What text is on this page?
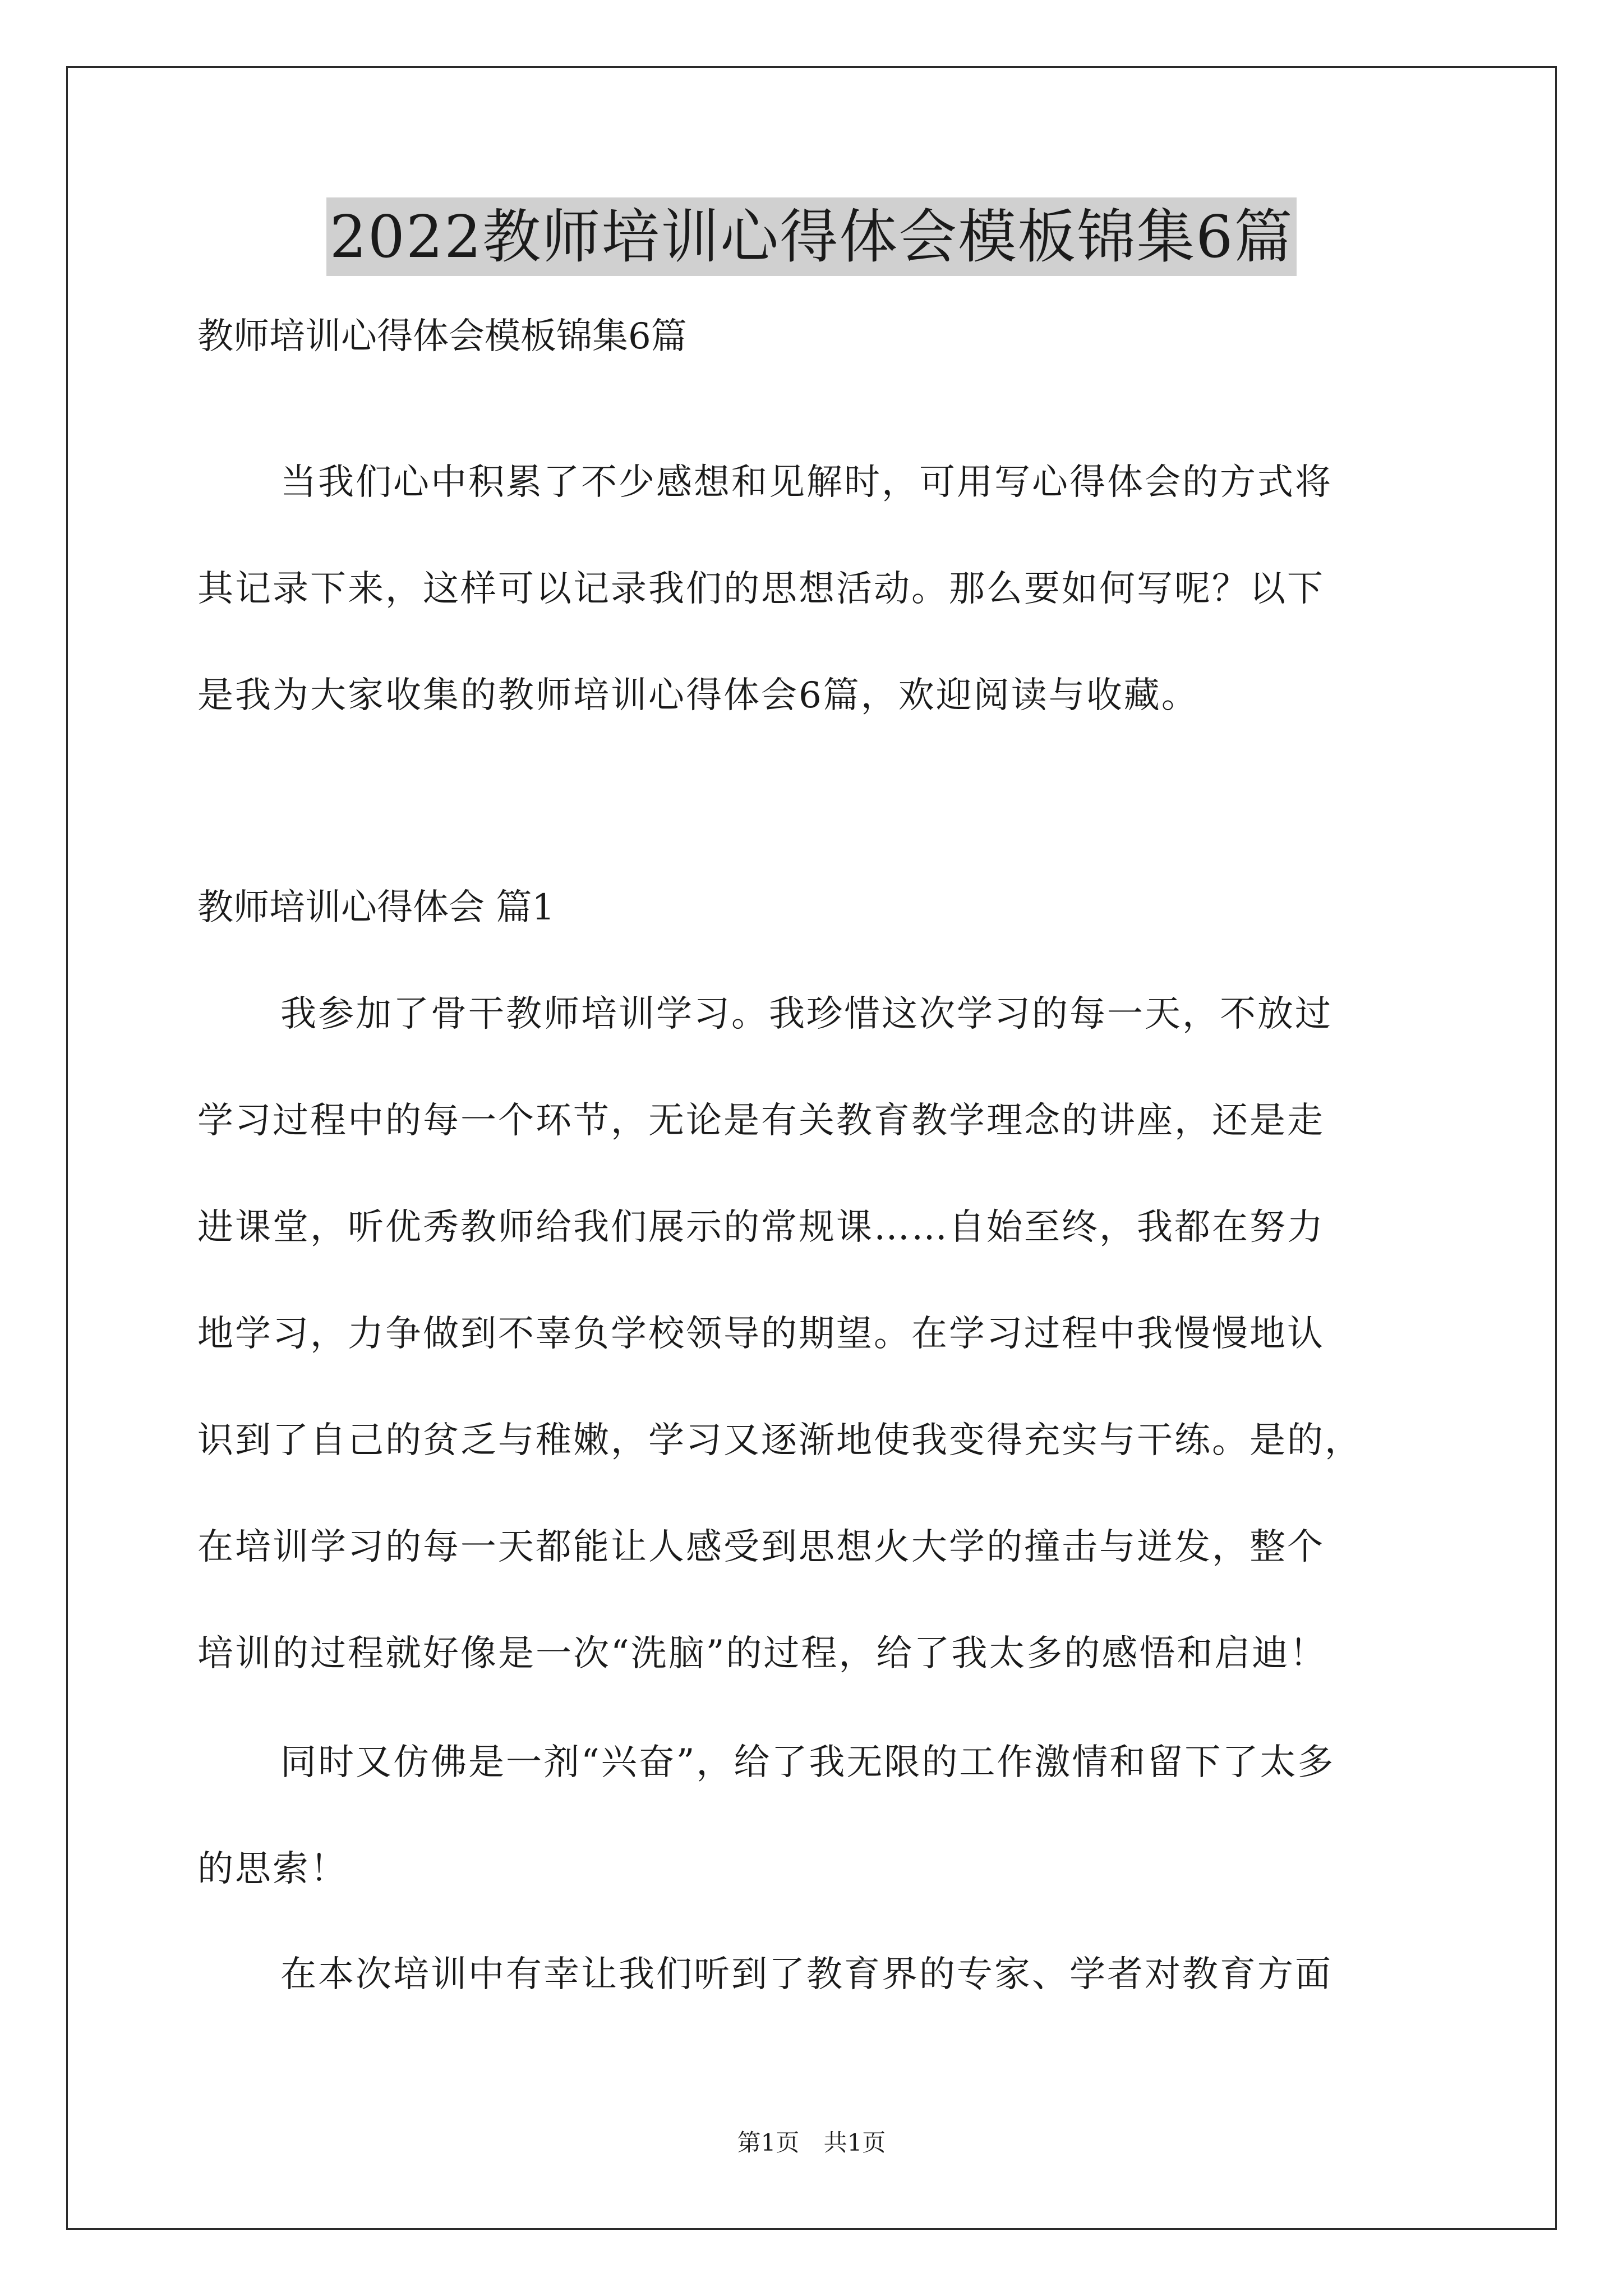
2022教师培训心得体会模板锦集6篇

教师培训心得体会模板锦集6篇

当我们心中积累了不少感想和见解时，可用写心得体会的方式将

其记录下来，这样可以记录我们的思想活动。那么要如何写呢？以下

是我为大家收集的教师培训心得体会6篇，欢迎阅读与收藏。

教师培训心得体会 篇1

我参加了骨干教师培训学习。我珍惜这次学习的每一天，不放过

学习过程中的每一个环节，无论是有关教育教学理念的讲座，还是走

进课堂，听优秀教师给我们展示的常规课……自始至终，我都在努力

地学习，力争做到不辜负学校领导的期望。在学习过程中我慢慢地认

识到了自己的贫乏与稚嫩，学习又逐渐地使我变得充实与干练。是的，

在培训学习的每一天都能让人感受到思想火大学的撞击与迸发，整个

培训的过程就好像是一次“洗脑”的过程，给了我太多的感悟和启迪！

同时又仿佛是一剂“兴奋”，给了我无限的工作激情和留下了太多

的思索！

在本次培训中有幸让我们听到了教育界的专家、学者对教育方面

第1页 共1页
